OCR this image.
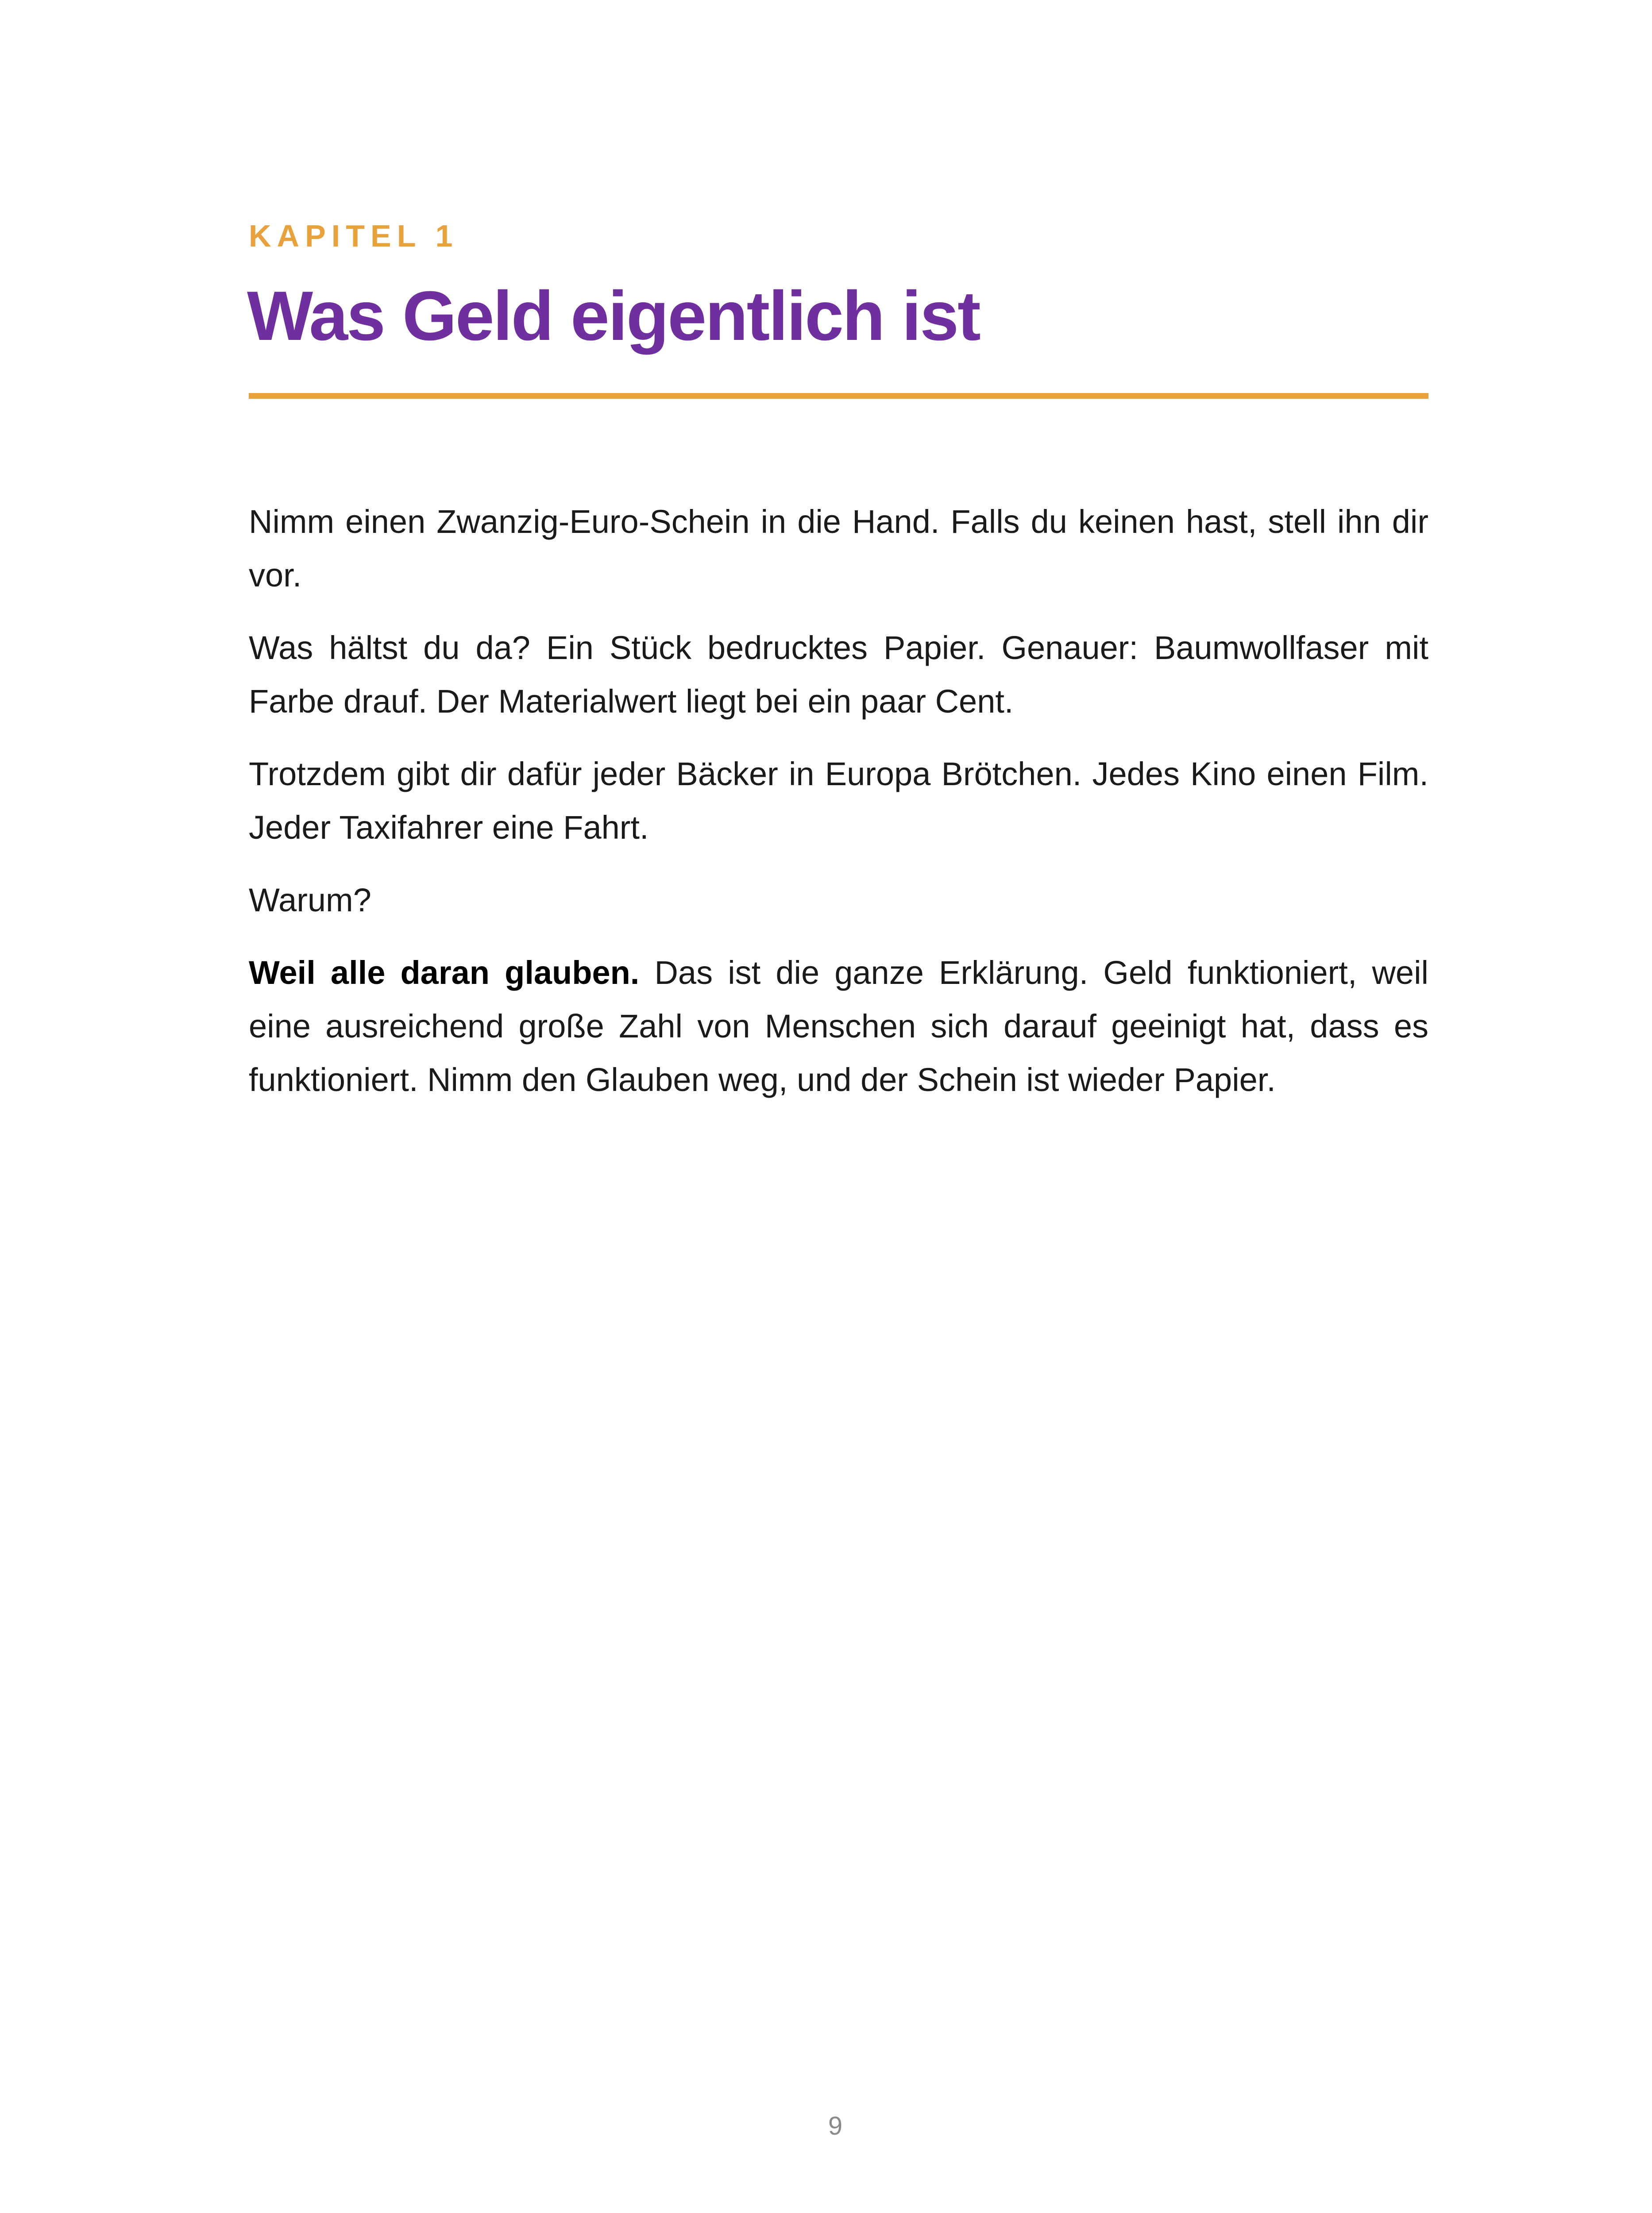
KAPITEL 1
Was Geld eigentlich ist

Nimm einen Zwanzig-Euro-Schein in die Hand. Falls du keinen hast, stell ihn dir vor.

Was hältst du da? Ein Stück bedrucktes Papier. Genauer: Baumwollfaser mit Farbe drauf. Der Materialwert liegt bei ein paar Cent.

Trotzdem gibt dir dafür jeder Bäcker in Europa Brötchen. Jedes Kino einen Film. Jeder Taxifahrer eine Fahrt.

Warum?

Weil alle daran glauben. Das ist die ganze Erklärung. Geld funktioniert, weil eine ausreichend große Zahl von Menschen sich darauf geeinigt hat, dass es funktioniert. Nimm den Glauben weg, und der Schein ist wieder Papier.

9
